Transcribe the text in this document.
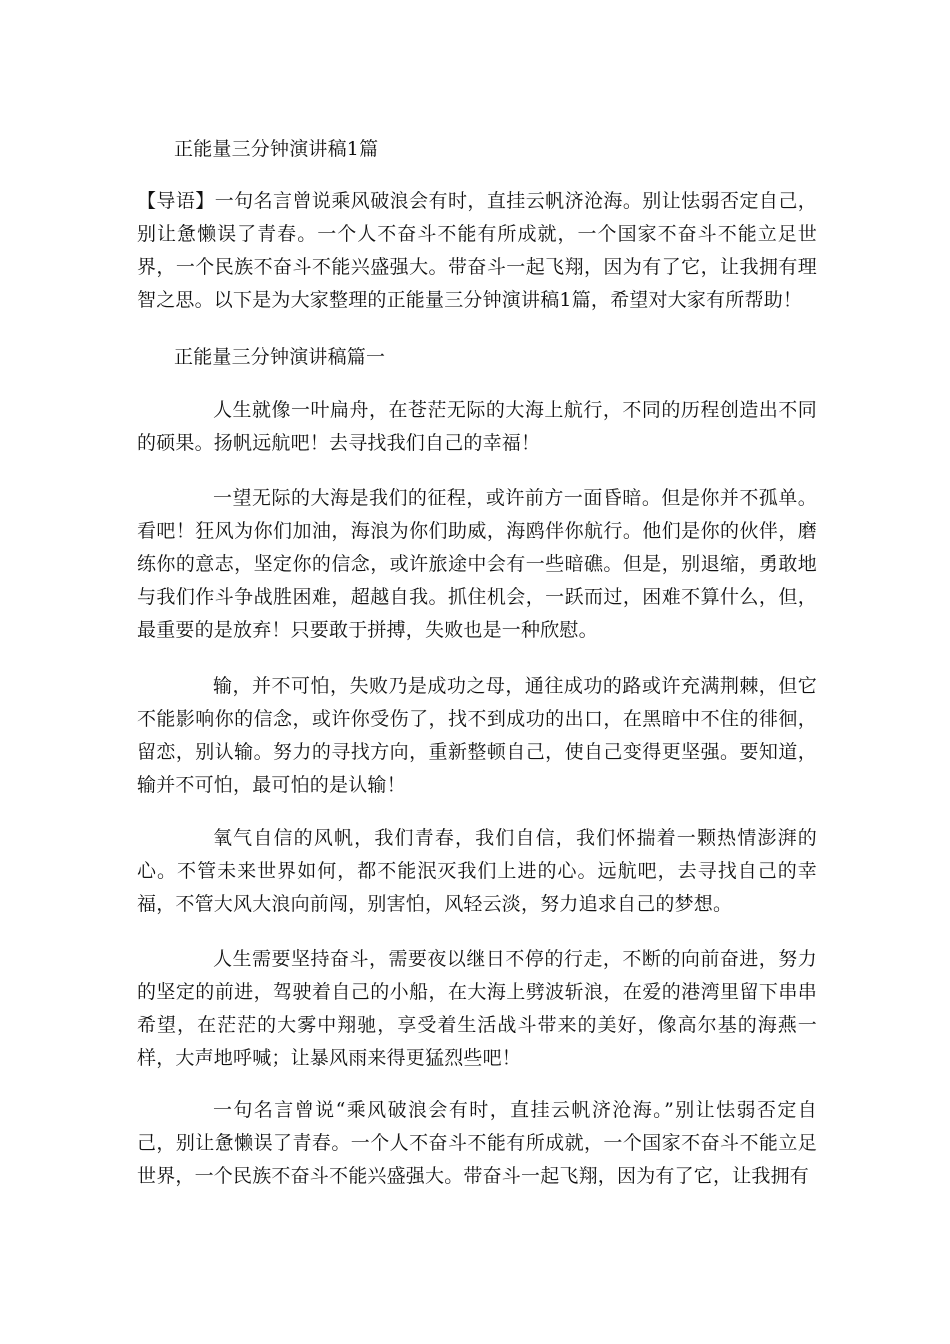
正能量三分钟演讲稿1篇

【导语】一句名言曾说乘风破浪会有时，直挂云帆济沧海。别让怯弱否定自己，别让惫懒误了青春。一个人不奋斗不能有所成就，一个国家不奋斗不能立足世界，一个民族不奋斗不能兴盛强大。带奋斗一起飞翔，因为有了它，让我拥有理智之思。以下是为大家整理的正能量三分钟演讲稿1篇，希望对大家有所帮助！

正能量三分钟演讲稿篇一

人生就像一叶扁舟，在苍茫无际的大海上航行，不同的历程创造出不同的硕果。扬帆远航吧！去寻找我们自己的幸福！

一望无际的大海是我们的征程，或许前方一面昏暗。但是你并不孤单。看吧！狂风为你们加油，海浪为你们助威，海鸥伴你航行。他们是你的伙伴，磨练你的意志，坚定你的信念，或许旅途中会有一些暗礁。但是，别退缩，勇敢地与我们作斗争战胜困难，超越自我。抓住机会，一跃而过，困难不算什么，但，最重要的是放弃！只要敢于拼搏，失败也是一种欣慰。

输，并不可怕，失败乃是成功之母，通往成功的路或许充满荆棘，但它不能影响你的信念，或许你受伤了，找不到成功的出口，在黑暗中不住的徘徊，留恋，别认输。努力的寻找方向，重新整顿自己，使自己变得更坚强。要知道，输并不可怕，最可怕的是认输！

氧气自信的风帆，我们青春，我们自信，我们怀揣着一颗热情澎湃的心。不管未来世界如何，都不能泯灭我们上进的心。远航吧，去寻找自己的幸福，不管大风大浪向前闯，别害怕，风轻云淡，努力追求自己的梦想。

人生需要坚持奋斗，需要夜以继日不停的行走，不断的向前奋进，努力的坚定的前进，驾驶着自己的小船，在大海上劈波斩浪，在爱的港湾里留下串串希望，在茫茫的大雾中翔驰，享受着生活战斗带来的美好，像高尔基的海燕一样，大声地呼喊；让暴风雨来得更猛烈些吧！

一句名言曾说“乘风破浪会有时，直挂云帆济沧海。”别让怯弱否定自己，别让惫懒误了青春。一个人不奋斗不能有所成就，一个国家不奋斗不能立足世界，一个民族不奋斗不能兴盛强大。带奋斗一起飞翔，因为有了它，让我拥有
